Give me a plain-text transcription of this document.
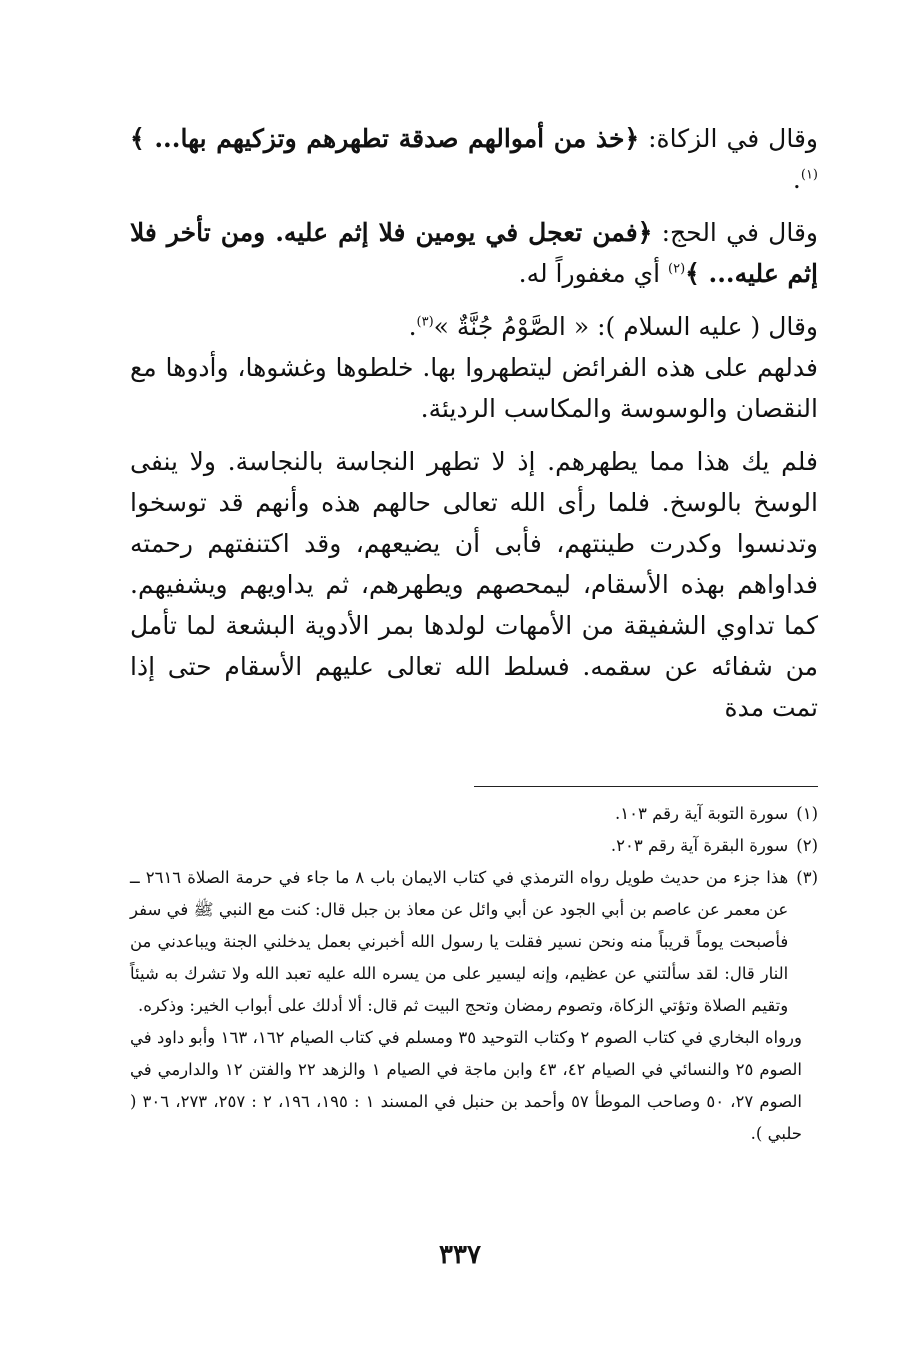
وقال في الزكاة: ﴿خذ من أموالهم صدقة تطهرهم وتزكيهم بها... ﴾$^{(١)}$.

وقال في الحج: ﴿فمن تعجل في يومين فلا إثم عليه. ومن تأخر فلا إثم عليه... ﴾$^{(٢)}$ أي مغفوراً له.

وقال ( عليه السلام ): « الصَّوْمُ جُنَّةٌ »$^{(٣)}$.
فدلهم على هذه الفرائض ليتطهروا بها. خلطوها وغشوها، وأدوها مع النقصان والوسوسة والمكاسب الرديئة.

فلم يك هذا مما يطهرهم. إذ لا تطهر النجاسة بالنجاسة. ولا ينفى الوسخ بالوسخ. فلما رأى الله تعالى حالهم هذه وأنهم قد توسخوا وتدنسوا وكدرت طينتهم، فأبى أن يضيعهم، وقد اكتنفتهم رحمته فداواهم بهذه الأسقام، ليمحصهم ويطهرهم، ثم يداويهم ويشفيهم. كما تداوي الشفيقة من الأمهات لولدها بمر الأدوية البشعة لما تأمل من شفائه عن سقمه. فسلط الله تعالى عليهم الأسقام حتى إذا تمت مدة

(١)
سورة التوبة آية رقم ١٠٣.

(٢)
سورة البقرة آية رقم ٢٠٣.

(٣)
هذا جزء من حديث طويل رواه الترمذي في كتاب الايمان باب ٨ ما جاء في حرمة الصلاة ٢٦١٦ ــ عن معمر عن عاصم بن أبي الجود عن أبي وائل عن معاذ بن جبل قال: كنت مع النبي ﷺ في سفر فأصبحت يوماً قريباً منه ونحن نسير فقلت يا رسول الله أخبرني بعمل يدخلني الجنة ويباعدني من النار قال: لقد سألتني عن عظيم، وإنه ليسير على من يسره الله عليه تعبد الله ولا تشرك به شيئاً وتقيم الصلاة وتؤتي الزكاة، وتصوم رمضان وتحج البيت ثم قال: ألا أدلك على أبواب الخير: وذكره.

ورواه البخاري في كتاب الصوم ٢ وكتاب التوحيد ٣٥ ومسلم في كتاب الصيام ١٦٢، ١٦٣ وأبو داود في الصوم ٢٥ والنسائي في الصيام ٤٢، ٤٣ وابن ماجة في الصيام ١ والزهد ٢٢ والفتن ١٢ والدارمي في الصوم ٢٧، ٥٠ وصاحب الموطأ ٥٧ وأحمد بن حنبل في المسند ١ : ١٩٥، ١٩٦، ٢ : ٢٥٧، ٢٧٣، ٣٠٦ ( حلبي ).

٣٣٧
